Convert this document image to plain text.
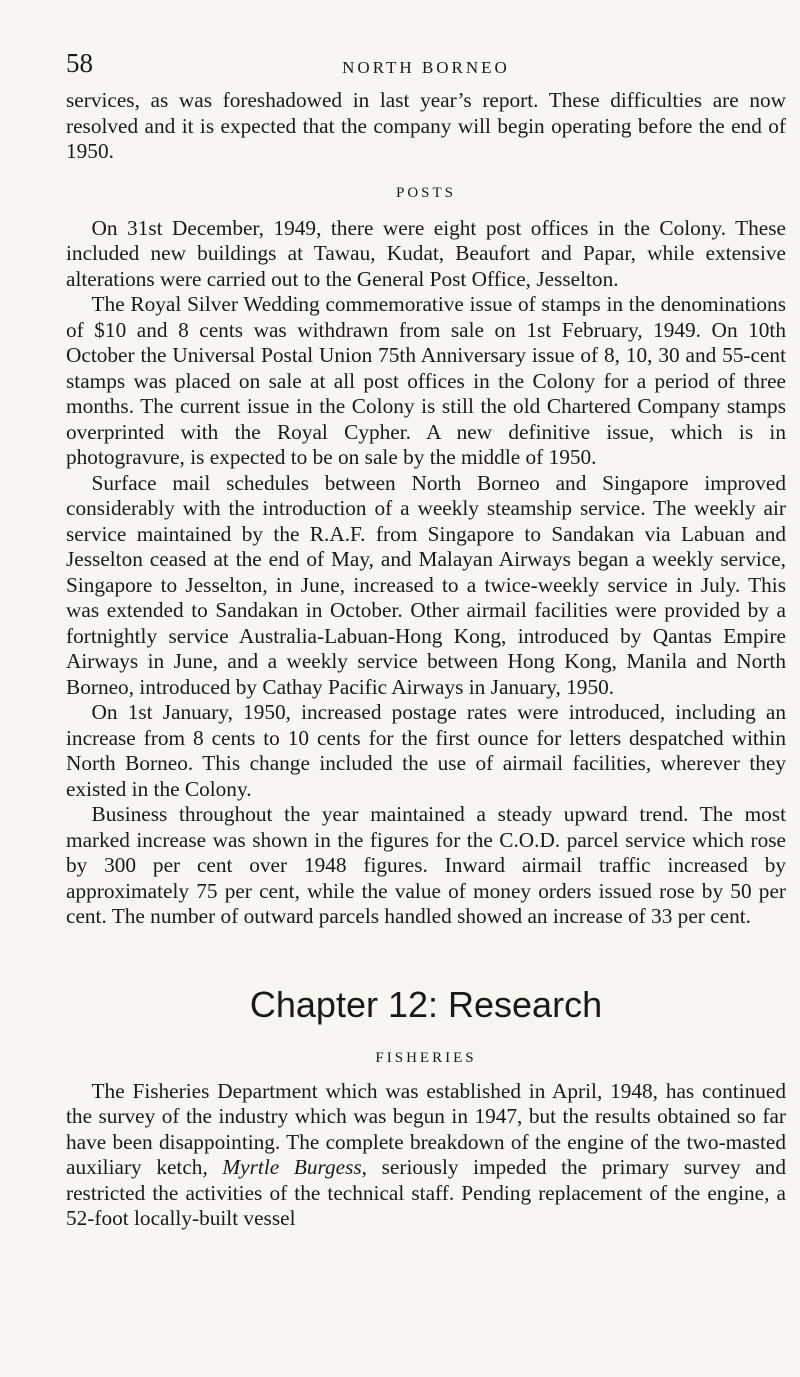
58	NORTH BORNEO

services, as was foreshadowed in last year’s report. These difficulties are now resolved and it is expected that the company will begin operating before the end of 1950.

POSTS

On 31st December, 1949, there were eight post offices in the Colony. These included new buildings at Tawau, Kudat, Beaufort and Papar, while extensive alterations were carried out to the General Post Office, Jesselton.

The Royal Silver Wedding commemorative issue of stamps in the denominations of $10 and 8 cents was withdrawn from sale on 1st February, 1949. On 10th October the Universal Postal Union 75th Anniversary issue of 8, 10, 30 and 55-cent stamps was placed on sale at all post offices in the Colony for a period of three months. The current issue in the Colony is still the old Chartered Company stamps overprinted with the Royal Cypher. A new definitive issue, which is in photogravure, is expected to be on sale by the middle of 1950.

Surface mail schedules between North Borneo and Singapore improved considerably with the introduction of a weekly steamship service. The weekly air service maintained by the R.A.F. from Singapore to Sandakan via Labuan and Jesselton ceased at the end of May, and Malayan Airways began a weekly service, Singapore to Jesselton, in June, increased to a twice-weekly service in July. This was extended to Sandakan in October. Other airmail facilities were provided by a fortnightly service Australia-Labuan-Hong Kong, introduced by Qantas Empire Airways in June, and a weekly service between Hong Kong, Manila and North Borneo, introduced by Cathay Pacific Airways in January, 1950.

On 1st January, 1950, increased postage rates were introduced, including an increase from 8 cents to 10 cents for the first ounce for letters despatched within North Borneo. This change included the use of airmail facilities, wherever they existed in the Colony.

Business throughout the year maintained a steady upward trend. The most marked increase was shown in the figures for the C.O.D. parcel service which rose by 300 per cent over 1948 figures. Inward airmail traffic increased by approximately 75 per cent, while the value of money orders issued rose by 50 per cent. The number of outward parcels handled showed an increase of 33 per cent.

Chapter 12: Research
FISHERIES

The Fisheries Department which was established in April, 1948, has continued the survey of the industry which was begun in 1947, but the results obtained so far have been disappointing. The complete breakdown of the engine of the two-masted auxiliary ketch, Myrtle Burgess, seriously impeded the primary survey and restricted the activities of the technical staff. Pending replacement of the engine, a 52-foot locally-built vessel
